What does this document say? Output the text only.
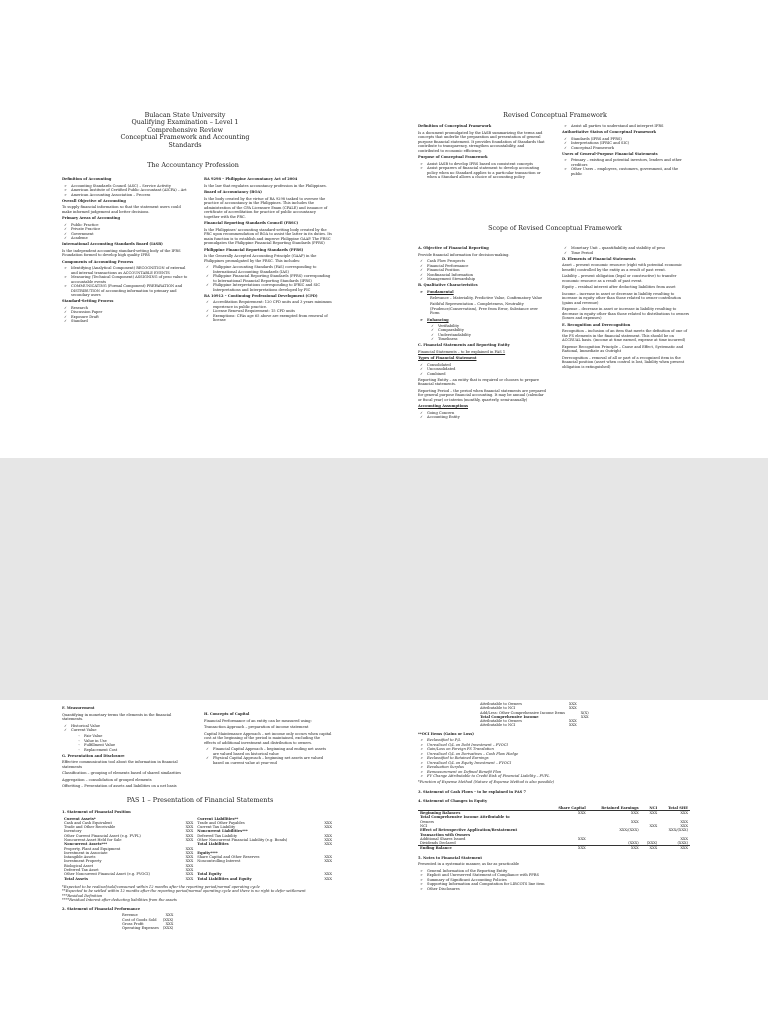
Bulacan State University
Qualifying Examination – Level 1
Comprehensive Review
Conceptual Framework and Accounting Standards
The Accountancy Profession

Definition of Accounting

➢ Accounting Standards Council (ASC) – Service Activity
➢ American Institute of Certified Public Accountant (AICPA) – Art
➢ American Accounting Association – Process

Overall Objective of Accounting

To supply financial information so that the statement users could make informed judgement and better decisions.

Primary Areas of Accounting

✓ Public Practice
✓ Private Practice
✓ Government
✓ Academe

International Accounting Standards Board (IASB)

Is the independent accounting standard-setting body of the IFRS Foundation formed to develop high quality IFRS

Components of Accounting Process

➢ Identifying (Analytical Component) RECOGNITION of external and internal transactions as ACCOUNTABLE EVENTS
➢ Measuring (Technical Component) ASSIGNING of peso value to accountable events
➢ COMMUNICATING (Formal Component) PREPARATION and DISTRIBUTION of accounting information to primary and secondary users

Standard-Setting Process

✓ Research
✓ Discussion Paper
✓ Exposure Draft
✓ Standard

RA 9298 – Philippine Accountancy Act of 2004

Is the law that regulates accountancy profession in the Philippines.

Board of Accountancy (BOA)

Is the body created by the virtue of RA 9298 tasked to oversee the practice of accountancy in the Philippines. This includes the administration of the CPA Licensure Exam (CPALE) and issuance of certificate of accreditation for practice of public accountancy together with the PRC.

Financial Reporting Standards Council (FRSC)

Is the Philippines' accounting standard-setting body created by the PRC upon recommendation of BOA to assist the latter in its duties. Its main function is to establish and improve Philippine GAAP. The FRSC promulgates the Philippine Financial Reporting Standards (PFRS)

Philippine Financial Reporting Standards (PFRS)

Is the Generally Accepted Accounting Principle (GAAP) in the Philippines promulgated by the FRSC. This includes:

✓ Philippine Accounting Standards (PAS) corresponding to International Accounting Standards (IAS)
✓ Philippine Financial Reporting Standards (PFRS) corresponding to International Financial Reporting Standards (IFRS)
✓ Philippine Interpretations corresponding to IFRIC and SIC Interpretations and Interpretations developed by FIC

RA 10912 – Continuing Professional Development (CPD)

✓ Accreditation Requirement: 120 CPD units and 3 years minimum experience in public practice.
✓ License Renewal Requirement: 15 CPD units
✓ Exemptions: CPAs age 65 above are exempted from renewal of license
Revised Conceptual Framework

Definition of Conceptual Framework

Is a document promulgated by the IASB summarizing the terms and concepts that underlie the preparation and presentation of general purpose financial statement. It provides foundation of Standards that contribute to transparency, strengthen accountability, and contributed to economic efficiency.

Purpose of Conceptual Framework

➢ Assist IASB to develop IFRS based on consistent concepts
➢ Assist preparers of financial statement to develop accounting policy when no Standard applies to a particular transaction or when a Standard allows a choice of accounting policy
➢ Assist all parties to understand and interpret IFRS

Authoritative Status of Conceptual Framework

✓ Standards (IFRS and PFRS)
✓ Interpretations (IFRIC and SIC)
✓ Conceptual Framework

Users of General-Purpose Financial Statements

➢ Primary – existing and potential investors, lenders and other creditors
➢ Other Users – employees, customers, government, and the public
Scope of Revised Conceptual Framework

A. Objective of Financial Reporting

Provide financial information for decision-making.

✓ Cash Flow Prospects
✓ Financial Performance
✓ Financial Position
✓ Nonfinancial Information
✓ Management Stewardship

B. Qualitative Characteristics

➢ Fundamental

Relevance – Materiality, Predictive Value, Confirmatory Value

Faithful Representation – Completeness, Neutrality (Prudence/Conservatism), Free from Error, Substance over Form

➢ Enhancing
✓ Verifiability
✓ Comparability
✓ Understandability
✓ Timeliness

C. Financial Statements and Reporting Entity

Financial Statements – to be explained in PAS 1

Types of Financial Statement

✓ Consolidated
✓ Unconsolidated
✓ Combined

Reporting Entity – an entity that is required or chooses to prepare financial statements.

Reporting Period – the period when financial statements are prepared for general purpose financial accounting. It may be annual (calendar or fiscal year) or interim (monthly, quarterly, semi-annually)

Accounting Assumptions

✓ Going Concern
✓ Accounting Entity
✓ Monetary Unit – quantifiability and stability of peso
✓ Time Period

D. Elements of Financial Statements

Asset – present economic resource (right with potential economic benefit) controlled by the entity as a result of past event.

Liability – present obligation (legal or constructive) to transfer economic resource as a result of past event.

Equity – residual interest after deducting liabilities from asset

Income – increase in asset or decrease in liability resulting to increase in equity other than those related to owner contribution (gains and revenue)

Expense – decrease in asset or increase in liability resulting to decrease in equity other than those related to distributions to owners (losses and expenses)

E. Recognition and Derecognition

Recognition – inclusion of an item that meets the definition of one of the FS elements in the financial statement. This should be on ACCRUAL basis. (income at time earned, expense at time incurred)

Expense Recognition Principle – Cause and Effect, Systematic and Rational, Immediate as Outright

Derecognition – removal of all or part of a recognized item in the financial position (asset when control is lost, liability when present obligation is extinguished)

F. Measurement

Quantifying in monetary terms the elements in the financial statements.

✓ Historical Value
✓ Current Value
◦ Fair Value
◦ Value in Use
◦ Fulfillment Value
◦ Replacement Cost

G. Presentation and Disclosure

Effective communication tool about the information in financial statements

Classification – grouping of elements based of shared similarities

Aggregation – consolidation of grouped elements

Offsetting – Presentation of assets and liabilities on a net basis

H. Concepts of Capital

Financial Performance of an entity can be measured using:

Transaction Approach – preparation of income statement

Capital Maintenance Approach – net income only occurs when capital cost at the beginning of the period is maintained, excluding the effects of additional investment and distribution to owners.

✓ Financial Capital Approach – beginning and ending net assets are valued based on historical value
✓ Physical Capital Approach – beginning net assets are valued based on current value at year-end
PAS 1 – Presentation of Financial Statements

1. Statement of Financial Position

Current Assets*		Current Liabilities**	
Cash and Cash Equivalent	XXX	Trade and Other Payables	XXX
Trade and Other Receivable	XXX	Current Tax Liability	XXX
Inventory	XXX	Noncurrent Liabilities***	
Other Current Financial Asset (e.g. FVPL)	XXX	Deferred Tax Liability	XXX
Noncurrent Asset Held for Sale	XXX	Other Noncurrent Financial Liability (e.g. Bonds)	XXX
Noncurrent Assets***		Total Liabilities	XXX
Property, Plant and Equipment	XXX		
Investment in Associate	XXX	Equity****	
Intangible Assets	XXX	Share Capital and Other Reserves	XXX
Investment Property	XXX	Noncontrolling Interest	XXX
Biological Asset	XXX		
Deferred Tax Asset	XXX		
Other Noncurrent Financial Asset (e.g. FVOCI)	XXX	Total Equity	XXX
Total Assets	XXX	Total Liabilities and Equity	XXX
*Expected to be realized/sold/consumed within 12 months after the reporting period/normal operating cycle
**Expected to be settled within 12 months after the reporting period/normal operating cycle and there is no right to defer settlement
***Residual Definition
****Residual Interest after deducting liabilities from the assets

2. Statement of Financial Performance

Revenue	XXX
Cost of Goods Sold	(XXX)
Gross Profit	XXX
Operating Expenses	(XXX)
Attributable to Owners	XXX	
Attributable to NCI	XXX	
Add/Less: Other Comprehensive Income Items		X(X)
Total Comprehensive Income		XXX
Attributable to Owners	XXX	
Attributable to NCI	XXX	

**OCI Items (Gains or Loss)

➢ Reclassified to P/L
➢ Unrealized G/L on Debt Investment – FVOCI
➢ Gain/Loss on Foreign FS Translation
➢ Unrealized G/L on Derivatives – Cash Flow Hedge
➢ Reclassified to Retained Earnings
➢ Unrealized G/L on Equity Investment – FVOCI
➢ Revaluation Surplus
➢ Remeasurement on Defined Benefit Plan
➢ FV Change Attributable to Credit Risk of Financial Liability – FVPL

*Function of Expense Method (Nature of Expense Method is also possible)

3. Statement of Cash Flows – to be explained in PAS 7

4. Statement of Changes in Equity

	Share Capital	Retained Earnings	NCI	Total SHE
Beginning Balances	XXX	XXX	XXX	XXX
Total Comprehensive Income Attributable to				
Owners		XXX		XXX
NCI			XXX	XXX
Effect of Retrospective Application/Restatement		XXX/(XXX)		XXX/(XXX)
Transaction with Owners				
Additional Shares Issued	XXX			XXX
Dividends Declared		(XXX)	(XXX)	(XXX)
Ending Balance	XXX	XXX	XXX	XXX

5. Notes to Financial Statement

Presented in a systematic manner, as far as practicable

➢ General Information of the Reporting Entity
➢ Explicit and Unreserved Statement of Compliance with PFRS
➢ Summary of Significant Accounting Policies
➢ Supporting Information and Computation for LIBCOTS line item
➢ Other Disclosures
